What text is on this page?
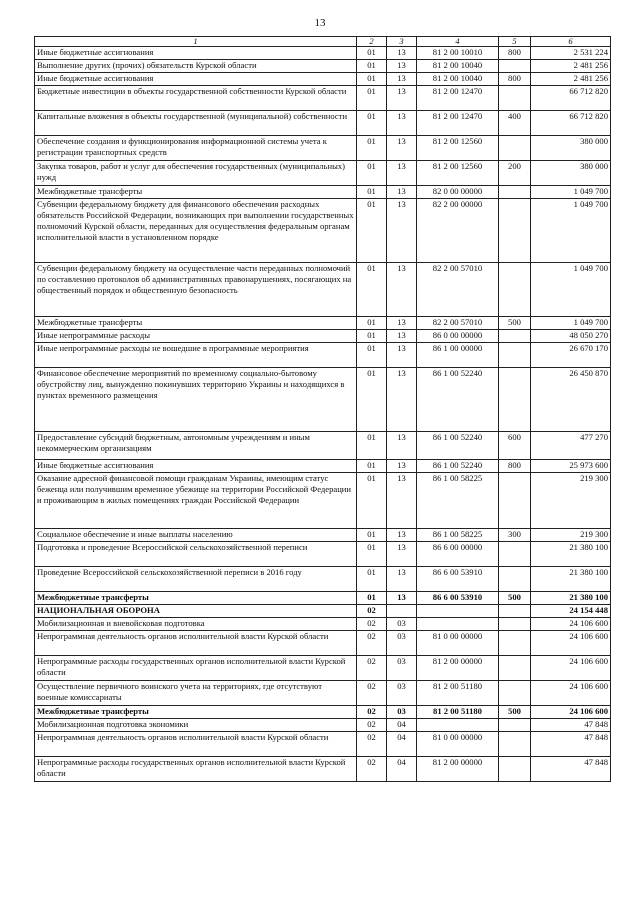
13
1	2	3	4	5	6
Иные бюджетные ассигнования	01	13	81 2 00 10010	800	2 531 224
Выполнение других (прочих) обязательств Курской области	01	13	81 2 00 10040		2 481 256
Иные бюджетные ассигнования	01	13	81 2 00 10040	800	2 481 256
Бюджетные инвестиции в объекты государственной собственности Курской области	01	13	81 2 00 12470		66 712 820
Капитальные вложения в объекты государственной (муниципальной) собственности	01	13	81 2 00 12470	400	66 712 820
Обеспечение создания и функционирования информационной системы учета к регистрации транспортных средств	01	13	81 2 00 12560		380 000
Закупка товаров, работ и услуг для обеспечения государственных (муниципальных) нужд	01	13	81 2 00 12560	200	380 000
Межбюджетные трансферты	01	13	82 0 00 00000		1 049 700
Субвенции федеральному бюджету для финансового обеспечения расходных обязательств Российской Федерации, возникающих при выполнении государственных полномочий Курской области, переданных для осуществления федеральным органам исполнительной власти в установленном порядке	01	13	82 2 00 00000		1 049 700
Субвенции федеральному бюджету на осуществление части переданных полномочий по составлению протоколов об административных правонарушениях, посягающих на общественный порядок и общественную безопасность	01	13	82 2 00 57010		1 049 700
Межбюджетные трансферты	01	13	82 2 00 57010	500	1 049 700
Иные непрограммные расходы	01	13	86 0 00 00000		48 050 270
Иные непрограммные расходы не вошедшие в программные мероприятия	01	13	86 1 00 00000		26 670 170
Финансовое обеспечение мероприятий по временному социально-бытовому обустройству лиц, вынужденно покинувших территорию Украины и находящихся в пунктах временного размещения	01	13	86 1 00 52240		26 450 870
Предоставление субсидий бюджетным, автономным учреждениям и иным некоммерческим организациям	01	13	86 1 00 52240	600	477 270
Иные бюджетные ассигнования	01	13	86 1 00 52240	800	25 973 600
Оказание адресной финансовой помощи гражданам Украины, имеющим статус беженца или получившим временное убежище на территории Российской Федерации и проживающим в жилых помещениях граждан Российской Федерации	01	13	86 1 00 58225		219 300
Социальное обеспечение и иные выплаты населению	01	13	86 1 00 58225	300	219 300
Подготовка и проведение Всероссийской сельскохозяйственной переписи	01	13	86 6 00 00000		21 380 100
Проведение Всероссийской сельскохозяйственной переписи в 2016 году	01	13	86 6 00 53910		21 380 100
Межбюджетные трансферты	01	13	86 6 00 53910	500	21 380 100
НАЦИОНАЛЬНАЯ ОБОРОНА	02				24 154 448
Мобилизационная и вневойсковая подготовка	02	03			24 106 600
Непрограммная деятельность органов исполнительной власти Курской области	02	03	81 0 00 00000		24 106 600
Непрограммные расходы государственных органов исполнительной власти Курской области	02	03	81 2 00 00000		24 106 600
Осуществление первичного воинского учета на территориях, где отсутствуют военные комиссариаты	02	03	81 2 00 51180		24 106 600
Межбюджетные трансферты	02	03	81 2 00 51180	500	24 106 600
Мобилизационная подготовка экономики	02	04			47 848
Непрограммная деятельность органов исполнительной власти Курской области	02	04	81 0 00 00000		47 848
Непрограммные расходы государственных органов исполнительной власти Курской области	02	04	81 2 00 00000		47 848
